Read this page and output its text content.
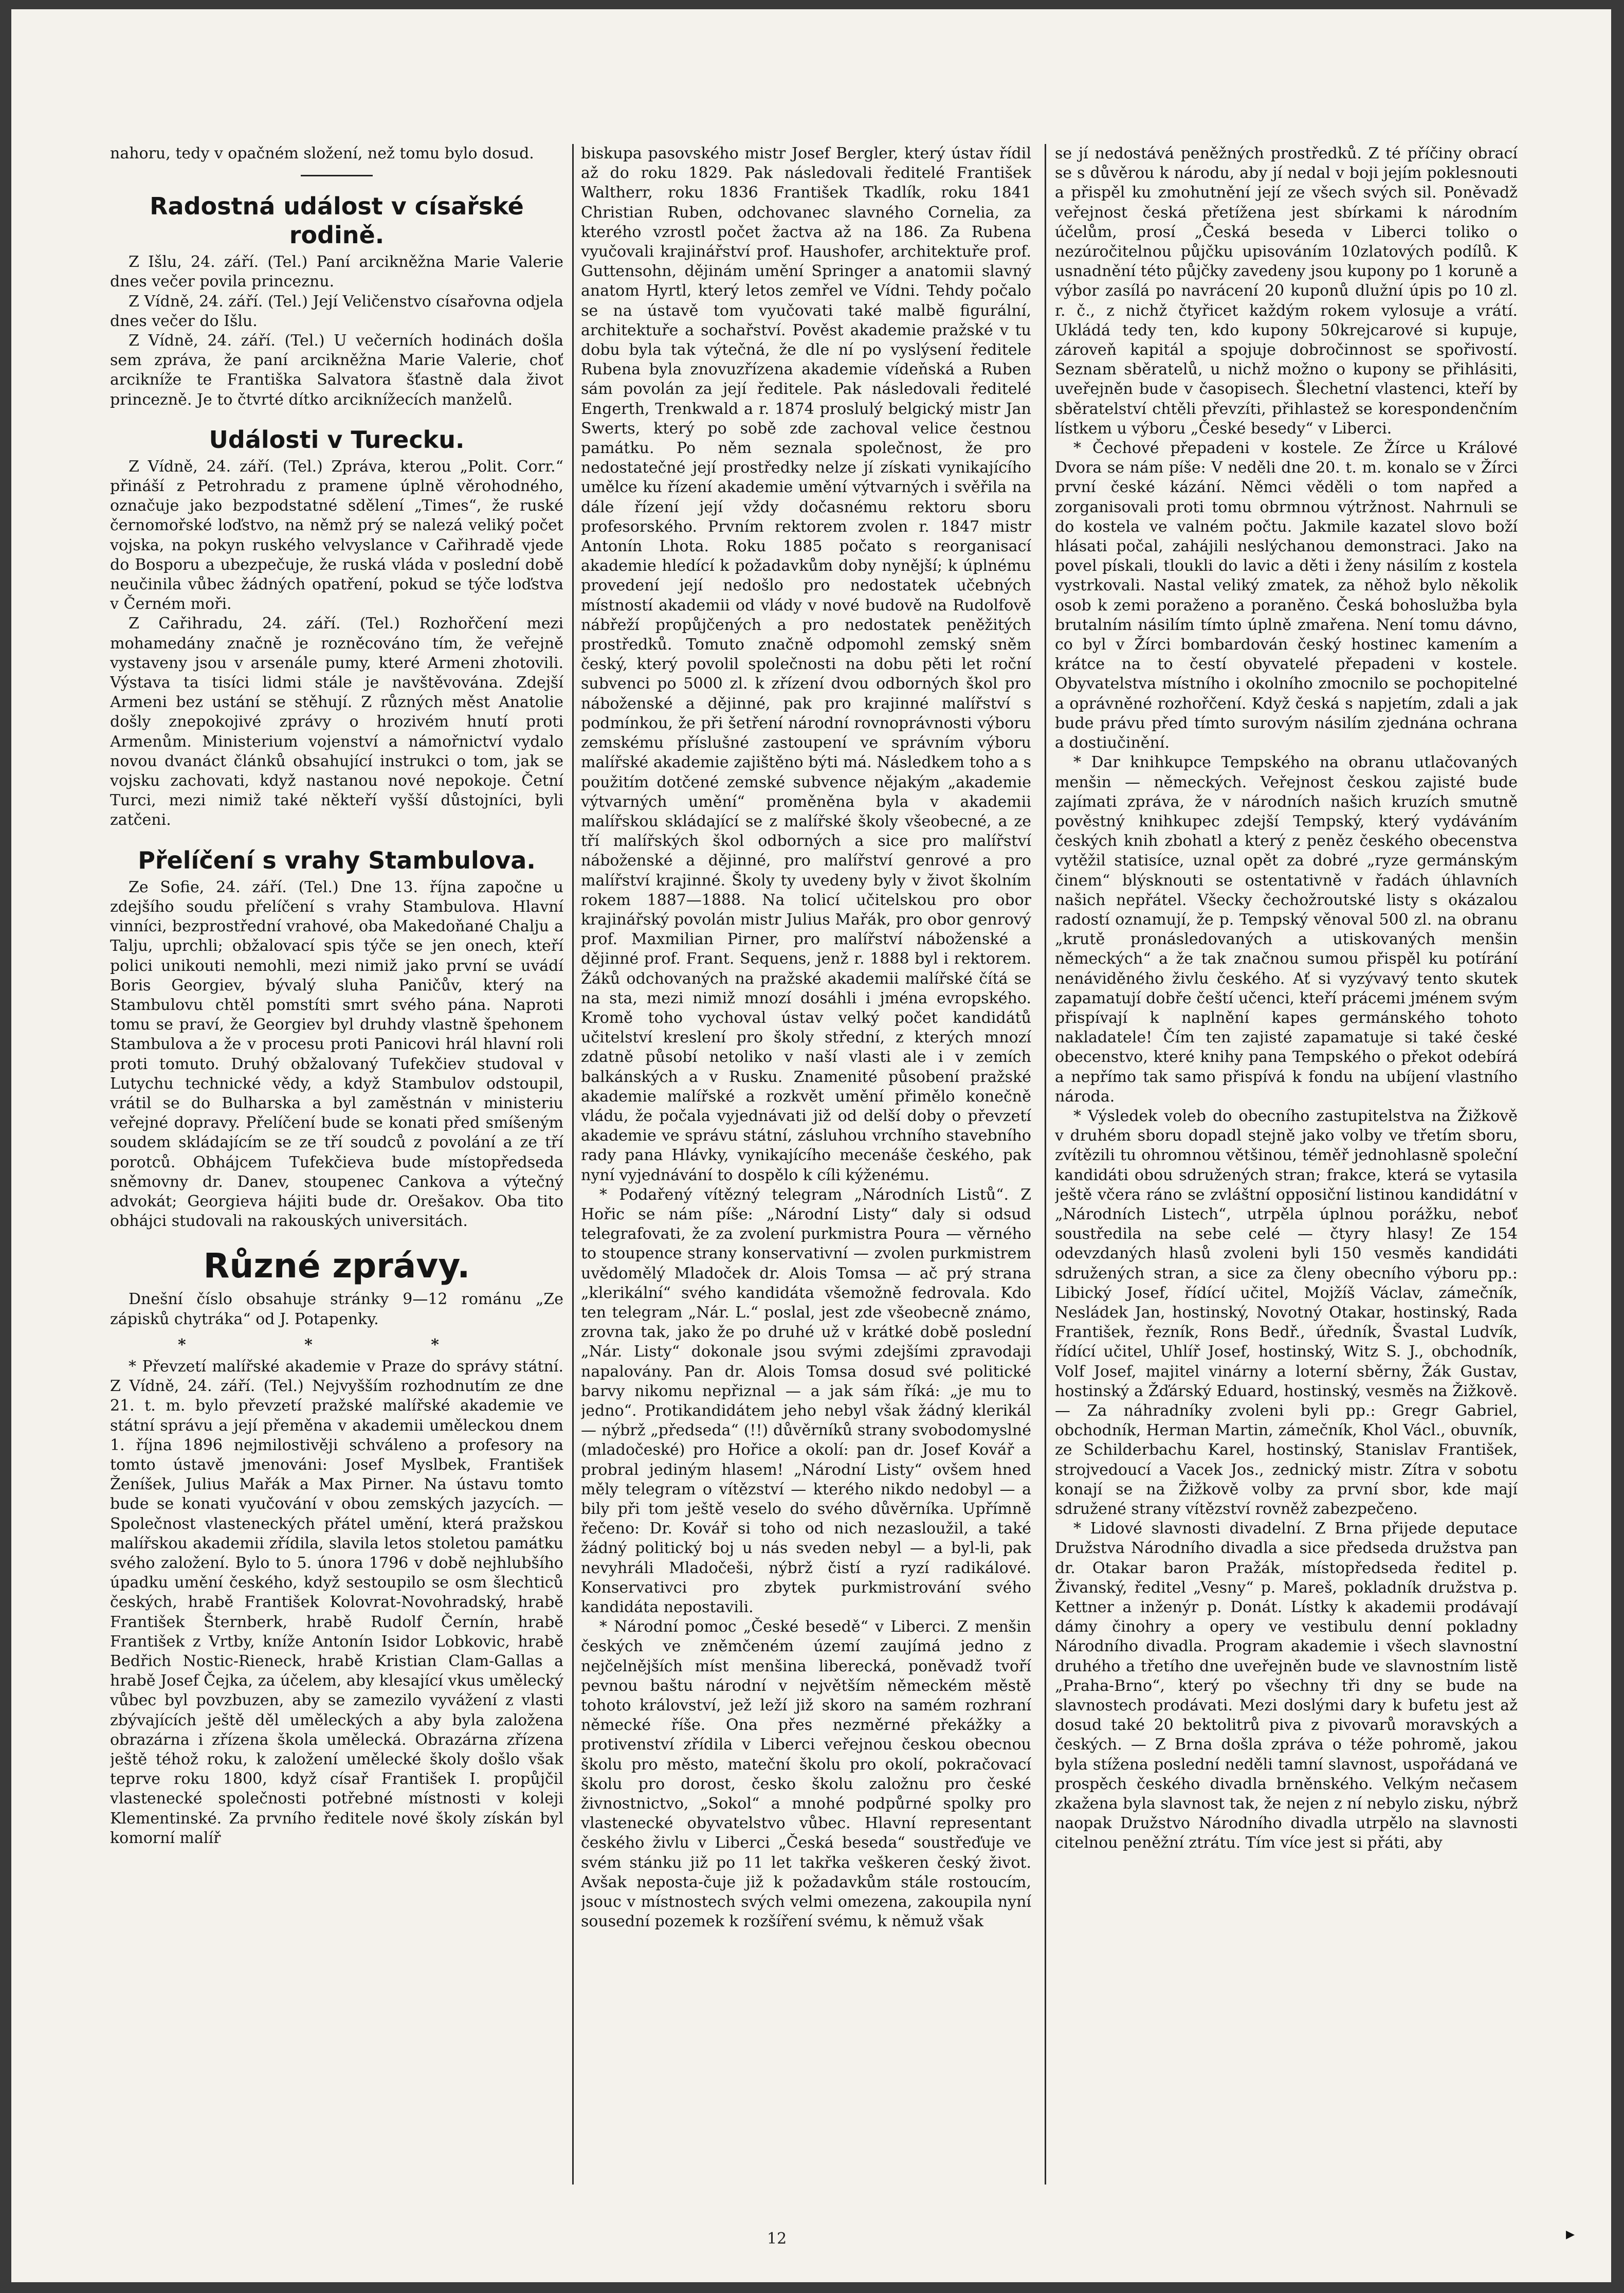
nahoru, tedy v opačném složení, než tomu bylo dosud.

Radostná událost v císařské rodině.

Z Išlu, 24. září. (Tel.) Paní arcikněžna Marie Valerie dnes večer povila princeznu.

Z Vídně, 24. září. (Tel.) Její Veličenstvo císařovna odjela dnes večer do Išlu.

Z Vídně, 24. září. (Tel.) U večerních hodinách došla sem zpráva, že paní arcikněžna Marie Valerie, choť arcikníže te Františka Salvatora šťastně dala život princezně. Je to čtvrté dítko arciknížecích manželů.

Události v Turecku.

Z Vídně, 24. září. (Tel.) Zpráva, kterou „Polit. Corr.“ přináší z Petrohradu z pramene úplně věrohodného, označuje jako bezpodstatné sdělení „Times“, že ruské černomořské loďstvo, na němž prý se nalezá veliký počet vojska, na pokyn ruského velvyslance v Cařihradě vjede do Bosporu a ubezpečuje, že ruská vláda v poslední době neučinila vůbec žádných opatření, pokud se týče loďstva v Černém moři.

Z Cařihradu, 24. září. (Tel.) Rozhořčení mezi mohamedány značně je rozněcováno tím, že veřejně vystaveny jsou v arsenále pumy, které Armeni zhotovili. Výstava ta tisíci lidmi stále je navštěvována. Zdejší Armeni bez ustání se stěhují. Z různých měst Anatolie došly znepokojivé zprávy o hrozivém hnutí proti Armenům. Ministerium vojenství a námořnictví vydalo novou dvanáct článků obsahující instrukci o tom, jak se vojsku zachovati, když nastanou nové nepokoje. Četní Turci, mezi nimiž také někteří vyšší důstojníci, byli zatčeni.

Přelíčení s vrahy Stambulova.

Ze Sofie, 24. září. (Tel.) Dne 13. října započne u zdejšího soudu přelíčení s vrahy Stambulova. Hlavní vinníci, bezprostřední vrahové, oba Makedoňané Chalju a Talju, uprchli; obžalovací spis týče se jen onech, kteří polici unikouti nemohli, mezi nimiž jako první se uvádí Boris Georgiev, bývalý sluha Paničův, který na Stambulovu chtěl pomstíti smrt svého pána. Naproti tomu se praví, že Georgiev byl druhdy vlastně špehonem Stambulova a že v procesu proti Panicovi hrál hlavní roli proti tomuto. Druhý obžalovaný Tufekčiev studoval v Lutychu technické vědy, a když Stambulov odstoupil, vrátil se do Bulharska a byl zaměstnán v ministeriu veřejné dopravy. Přelíčení bude se konati před smíšeným soudem skládajícím se ze tří soudců z povolání a ze tří porotců. Obhájcem Tufekčieva bude místopředseda sněmovny dr. Danev, stoupenec Cankova a výtečný advokát; Georgieva hájiti bude dr. Orešakov. Oba tito obhájci studovali na rakouských universitách.

Různé zprávy.

Dnešní číslo obsahuje stránky 9—12 románu „Ze zápisků chytráka“ od J. Potapenky.

* * *

* Převzetí malířské akademie v Praze do správy státní. Z Vídně, 24. září. (Tel.) Nejvyšším rozhodnutím ze dne 21. t. m. bylo převzetí pražské malířské akademie ve státní správu a její přeměna v akademii uměleckou dnem 1. října 1896 nejmilostivěji schváleno a profesory na tomto ústavě jmenováni: Josef Myslbek, František Ženíšek, Julius Mařák a Max Pirner. Na ústavu tomto bude se konati vyučování v obou zemských jazycích. — Společnost vlasteneckých přátel umění, která pražskou malířskou akademii zřídila, slavila letos stoletou památku svého založení. Bylo to 5. února 1796 v době nejhlubšího úpadku umění českého, když sestoupilo se osm šlechticů českých, hrabě František Kolovrat-Novohradský, hrabě František Šternberk, hrabě Rudolf Černín, hrabě František z Vrtby, kníže Antonín Isidor Lobkovic, hrabě Bedřich Nostic-Rieneck, hrabě Kristian Clam-Gallas a hrabě Josef Čejka, za účelem, aby klesající vkus umělecký vůbec byl povzbuzen, aby se zamezilo vyvážení z vlasti zbývajících ještě děl uměleckých a aby byla založena obrazárna i zřízena škola umělecká. Obrazárna zřízena ještě téhož roku, k založení umělecké školy došlo však teprve roku 1800, když císař František I. propůjčil vlastenecké společnosti potřebné místnosti v koleji Klementinské. Za prvního ředitele nové školy získán byl komorní malíř

biskupa pasovského mistr Josef Bergler, který ústav řídil až do roku 1829. Pak následovali ředitelé František Waltherr, roku 1836 František Tkadlík, roku 1841 Christian Ruben, odchovanec slavného Cornelia, za kterého vzrostl počet žactva až na 186. Za Rubena vyučovali krajinářství prof. Haushofer, architektuře prof. Guttensohn, dějinám umění Springer a anatomii slavný anatom Hyrtl, který letos zemřel ve Vídni. Tehdy počalo se na ústavě tom vyučovati také malbě figurální, architektuře a sochařství. Pověst akademie pražské v tu dobu byla tak výtečná, že dle ní po vyslýsení ředitele Rubena byla znovuzřízena akademie vídeňská a Ruben sám povolán za její ředitele. Pak následovali ředitelé Engerth, Trenkwald a r. 1874 proslulý belgický mistr Jan Swerts, který po sobě zde zachoval velice čestnou památku. Po něm seznala společnost, že pro nedostatečné její prostředky nelze jí získati vynikajícího umělce ku řízení akademie umění výtvarných i svěřila na dále řízení její vždy dočasnému rektoru sboru profesorského. Prvním rektorem zvolen r. 1847 mistr Antonín Lhota. Roku 1885 počato s reorganisací akademie hledící k požadavkům doby nynější; k úplnému provedení její nedošlo pro nedostatek učebných místností akademii od vlády v nové budově na Rudolfově nábřeží propůjčených a pro nedostatek peněžitých prostředků. Tomuto značně odpomohl zemský sněm český, který povolil společnosti na dobu pěti let roční subvenci po 5000 zl. k zřízení dvou odborných škol pro náboženské a dějinné, pak pro krajinné malířství s podmínkou, že při šetření národní rovnoprávnosti výboru zemskému příslušné zastoupení ve správním výboru malířské akademie zajištěno býti má. Následkem toho a s použitím dotčené zemské subvence nějakým „akademie výtvarných umění“ proměněna byla v akademii malířskou skládající se z malířské školy všeobecné, a ze tří malířských škol odborných a sice pro malířství náboženské a dějinné, pro malířství genrové a pro malířství krajinné. Školy ty uvedeny byly v život školním rokem 1887—1888. Na tolicí učitelskou pro obor krajinářský povolán mistr Julius Mařák, pro obor genrový prof. Maxmilian Pirner, pro malířství náboženské a dějinné prof. Frant. Sequens, jenž r. 1888 byl i rektorem. Žáků odchovaných na pražské akademii malířské čítá se na sta, mezi nimiž mnozí dosáhli i jména evropského. Kromě toho vychoval ústav velký počet kandidátů učitelství kreslení pro školy střední, z kterých mnozí zdatně působí netoliko v naší vlasti ale i v zemích balkánských a v Rusku. Znamenité působení pražské akademie malířské a rozkvět umění přimělo konečně vládu, že počala vyjednávati již od delší doby o převzetí akademie ve správu státní, zásluhou vrchního stavebního rady pana Hlávky, vynikajícího mecenáše českého, pak nyní vyjednávání to dospělo k cíli kýženému.

* Podařený vítězný telegram „Národních Listů“. Z Hořic se nám píše: „Národní Listy“ daly si odsud telegrafovati, že za zvolení purkmistra Poura — věrného to stoupence strany konservativní — zvolen purkmistrem uvědomělý Mladoček dr. Alois Tomsa — ač prý strana „klerikální“ svého kandidáta všemožně fedrovala. Kdo ten telegram „Nár. L.“ poslal, jest zde všeobecně známo, zrovna tak, jako že po druhé už v krátké době poslední „Nár. Listy“ dokonale jsou svými zdejšími zpravodaji napalovány. Pan dr. Alois Tomsa dosud své politické barvy nikomu nepřiznal — a jak sám říká: „je mu to jedno“. Protikandidátem jeho nebyl však žádný klerikál — nýbrž „předseda“ (!!) důvěrníků strany svobodomyslné (mladočeské) pro Hořice a okolí: pan dr. Josef Kovář a probral jediným hlasem! „Národní Listy“ ovšem hned měly telegram o vítězství — kterého nikdo nedobyl — a bily při tom ještě veselo do svého důvěrníka. Upřímně řečeno: Dr. Kovář si toho od nich nezasloužil, a také žádný politický boj u nás sveden nebyl — a byl-li, pak nevyhráli Mladočeši, nýbrž čistí a ryzí radikálové. Konservativci pro zbytek purkmistrování svého kandidáta nepostavili.

* Národní pomoc „České besedě“ v Liberci. Z menšin českých ve zněmčeném území zaujímá jedno z nejčelnějších míst menšina liberecká, poněvadž tvoří pevnou baštu národní v největším německém městě tohoto království, jež leží již skoro na samém rozhraní německé říše. Ona přes nezměrné překážky a protivenství zřídila v Liberci veřejnou českou obecnou školu pro město, mateční školu pro okolí, pokračovací školu pro dorost, česko školu založnu pro české živnostnictvo, „Sokol“ a mnohé podpůrné spolky pro vlastenecké obyvatelstvo vůbec. Hlavní representant českého živlu v Liberci „Česká beseda“ soustřeďuje ve svém stánku již po 11 let takřka veškeren český život. Avšak neposta-čuje již k požadavkům stále rostoucím, jsouc v místnostech svých velmi omezena, zakoupila nyní sousední pozemek k rozšíření svému, k němuž však

se jí nedostává peněžných prostředků. Z té příčiny obrací se s důvěrou k národu, aby jí nedal v boji jejím poklesnouti a přispěl ku zmohutnění její ze všech svých sil. Poněvadž veřejnost česká přetížena jest sbírkami k národním účelům, prosí „Česká beseda v Liberci toliko o nezúročitelnou půjčku upisováním 10zlatových podílů. K usnadnění této půjčky zavedeny jsou kupony po 1 koruně a výbor zasílá po navrácení 20 kuponů dlužní úpis po 10 zl. r. č., z nichž čtyřicet každým rokem vylosuje a vrátí. Ukládá tedy ten, kdo kupony 50krejcarové si kupuje, zároveň kapitál a spojuje dobročinnost se spořivostí. Seznam sběratelů, u nichž možno o kupony se přihlásiti, uveřejněn bude v časopisech. Šlechetní vlastenci, kteří by sběratelství chtěli převzíti, přihlastež se korespondenčním lístkem u výboru „České besedy“ v Liberci.

* Čechové přepadeni v kostele. Ze Žírce u Králové Dvora se nám píše: V neděli dne 20. t. m. konalo se v Žírci první české kázání. Němci věděli o tom napřed a zorganisovali proti tomu obrmnou výtržnost. Nahrnuli se do kostela ve valném počtu. Jakmile kazatel slovo boží hlásati počal, zahájili neslýchanou demonstraci. Jako na povel pískali, tloukli do lavic a děti i ženy násilím z kostela vystrkovali. Nastal veliký zmatek, za něhož bylo několik osob k zemi poraženo a poraněno. Česká bohoslužba byla brutalním násilím tímto úplně zmařena. Není tomu dávno, co byl v Žírci bombardován český hostinec kamením a krátce na to čestí obyvatelé přepadeni v kostele. Obyvatelstva místního i okolního zmocnilo se pochopitelné a oprávněné rozhořčení. Když česká s napjetím, zdali a jak bude právu před tímto surovým násilím zjednána ochrana a dostiučinění.

* Dar knihkupce Tempského na obranu utlačovaných menšin — německých. Veřejnost českou zajisté bude zajímati zpráva, že v národních našich kruzích smutně pověstný knihkupec zdejší Tempský, který vydáváním českých knih zbohatl a který z peněz českého obecenstva vytěžil statisíce, uznal opět za dobré „ryze germánským činem“ blýsknouti se ostentativně v řadách úhlavních našich nepřátel. Všecky čechožroutské listy s okázalou radostí oznamují, že p. Tempský věnoval 500 zl. na obranu „krutě pronásledovaných a utiskovaných menšin německých“ a že tak značnou sumou přispěl ku potírání nenáviděného živlu českého. Ať si vyzývavý tento skutek zapamatují dobře čeští učenci, kteří prácemi jménem svým přispívají k naplnění kapes germánského tohoto nakladatele! Čím ten zajisté zapamatuje si také české obecenstvo, které knihy pana Tempského o překot odebírá a nepřímo tak samo přispívá k fondu na ubíjení vlastního národa.

* Výsledek voleb do obecního zastupitelstva na Žižkově v druhém sboru dopadl stejně jako volby ve třetím sboru, zvítězili tu ohromnou většinou, téměř jednohlasně společní kandidáti obou sdružených stran; frakce, která se vytasila ještě včera ráno se zvláštní opposiční listinou kandidátní v „Národních Listech“, utrpěla úplnou porážku, neboť soustředila na sebe celé — čtyry hlasy! Ze 154 odevzdaných hlasů zvoleni byli 150 vesměs kandidáti sdružených stran, a sice za členy obecního výboru pp.: Libický Josef, řídící učitel, Mojžíš Václav, zámečník, Nesládek Jan, hostinský, Novotný Otakar, hostinský, Rada František, řezník, Rons Bedř., úředník, Švastal Ludvík, řídící učitel, Uhlíř Josef, hostinský, Witz S. J., obchodník, Volf Josef, majitel vinárny a loterní sběrny, Žák Gustav, hostinský a Žďárský Eduard, hostinský, vesměs na Žižkově. — Za náhradníky zvoleni byli pp.: Gregr Gabriel, obchodník, Herman Martin, zámečník, Khol Václ., obuvník, ze Schilderbachu Karel, hostinský, Stanislav František, strojvedoucí a Vacek Jos., zednický mistr. Zítra v sobotu konají se na Žižkově volby za první sbor, kde mají sdružené strany vítězství rovněž zabezpečeno.

* Lidové slavnosti divadelní. Z Brna přijede deputace Družstva Národního divadla a sice předseda družstva pan dr. Otakar baron Pražák, místopředseda ředitel p. Živanský, ředitel „Vesny“ p. Mareš, pokladník družstva p. Kettner a inženýr p. Donát. Lístky k akademii prodávají dámy činohry a opery ve vestibulu denní pokladny Národního divadla. Program akademie i všech slavnostní druhého a třetího dne uveřejněn bude ve slavnostním listě „Praha-Brno“, který po všechny tři dny se bude na slavnostech prodávati. Mezi doslými dary k bufetu jest až dosud také 20 bektolitrů piva z pivovarů moravských a českých. — Z Brna došla zpráva o téže pohromě, jakou byla stížena poslední neděli tamní slavnost, uspořádaná ve prospěch českého divadla brněnského. Velkým nečasem zkažena byla slavnost tak, že nejen z ní nebylo zisku, nýbrž naopak Družstvo Národního divadla utrpělo na slavnosti citelnou peněžní ztrátu. Tím více jest si přáti, aby

12	▸
